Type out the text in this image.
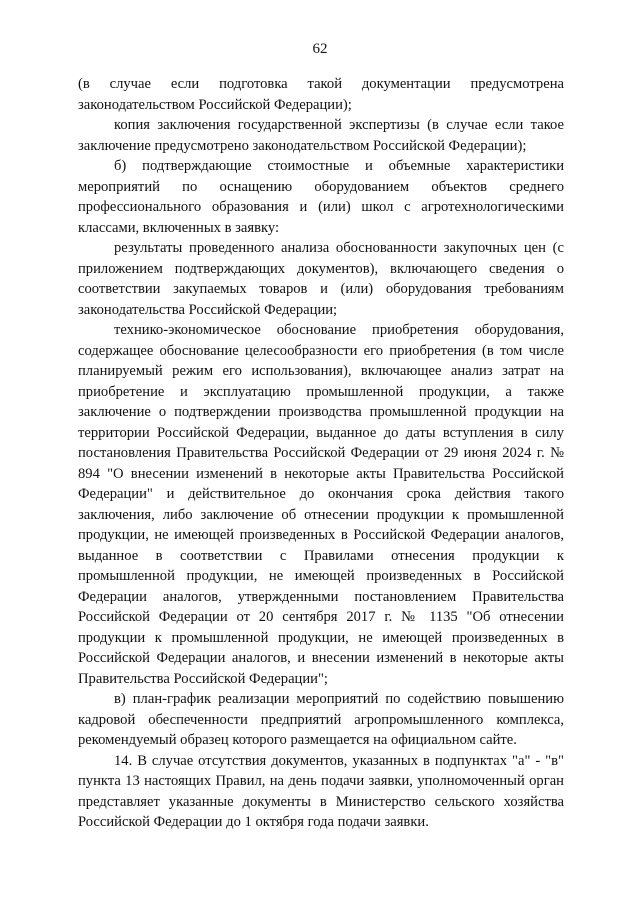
62

(в случае если подготовка такой документации предусмотрена законодательством Российской Федерации);

копия заключения государственной экспертизы (в случае если такое заключение предусмотрено законодательством Российской Федерации);

б) подтверждающие стоимостные и объемные характеристики мероприятий по оснащению оборудованием объектов среднего профессионального образования и (или) школ с агротехнологическими классами, включенных в заявку:

результаты проведенного анализа обоснованности закупочных цен (с приложением подтверждающих документов), включающего сведения о соответствии закупаемых товаров и (или) оборудования требованиям законодательства Российской Федерации;

технико-экономическое обоснование приобретения оборудования, содержащее обоснование целесообразности его приобретения (в том числе планируемый режим его использования), включающее анализ затрат на приобретение и эксплуатацию промышленной продукции, а также заключение о подтверждении производства промышленной продукции на территории Российской Федерации, выданное до даты вступления в силу постановления Правительства Российской Федерации от 29 июня 2024 г. № 894 "О внесении изменений в некоторые акты Правительства Российской Федерации" и действительное до окончания срока действия такого заключения, либо заключение об отнесении продукции к промышленной продукции, не имеющей произведенных в Российской Федерации аналогов, выданное в соответствии с Правилами отнесения продукции к промышленной продукции, не имеющей произведенных в Российской Федерации аналогов, утвержденными постановлением Правительства Российской Федерации от 20 сентября 2017 г. № 1135 "Об отнесении продукции к промышленной продукции, не имеющей произведенных в Российской Федерации аналогов, и внесении изменений в некоторые акты Правительства Российской Федерации";

в) план-график реализации мероприятий по содействию повышению кадровой обеспеченности предприятий агропромышленного комплекса, рекомендуемый образец которого размещается на официальном сайте.

14. В случае отсутствия документов, указанных в подпунктах "а" - "в" пункта 13 настоящих Правил, на день подачи заявки, уполномоченный орган представляет указанные документы в Министерство сельского хозяйства Российской Федерации до 1 октября года подачи заявки.
